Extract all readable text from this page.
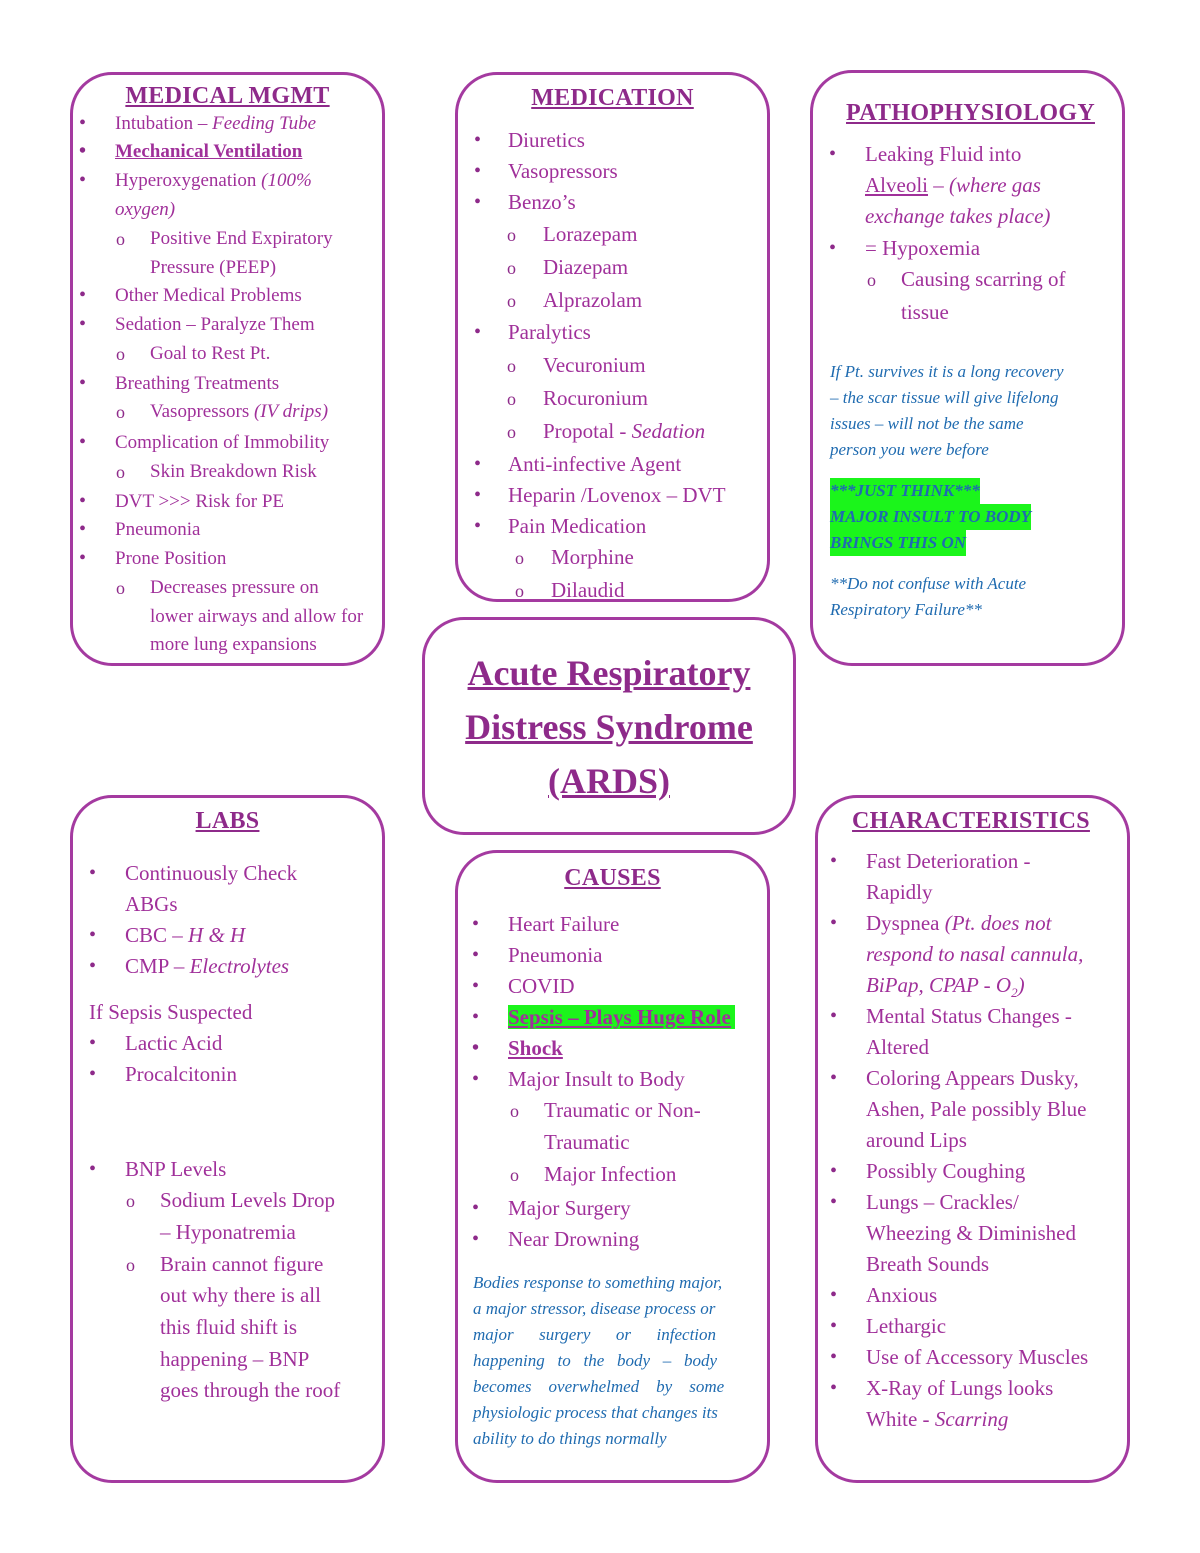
MEDICAL MGMT
• Intubation – Feeding Tube
• Mechanical Ventilation
• Hyperoxygenation (100%
oxygen)
o Positive End Expiratory
Pressure (PEEP)
• Other Medical Problems
• Sedation – Paralyze Them
o Goal to Rest Pt.
• Breathing Treatments
o Vasopressors (IV drips)
• Complication of Immobility
o Skin Breakdown Risk
• DVT >>> Risk for PE
• Pneumonia
• Prone Position
o Decreases pressure on
lower airways and allow for
more lung expansions
MEDICATION
• Diuretics
• Vasopressors
• Benzo’s
o Lorazepam
o Diazepam
o Alprazolam
• Paralytics
o Vecuronium
o Rocuronium
o Propotal - Sedation
• Anti-infective Agent
• Heparin /Lovenox – DVT
• Pain Medication
o Morphine
o Dilaudid
PATHOPHYSIOLOGY
• Leaking Fluid into
Alveoli – (where gas
exchange takes place)
• = Hypoxemia
o Causing scarring of
tissue
If Pt. survives it is a long recovery
– the scar tissue will give lifelong
issues – will not be the same
person you were before
***JUST THINK***
MAJOR INSULT TO BODY
BRINGS THIS ON
**Do not confuse with Acute
Respiratory Failure**
Acute Respiratory
Distress Syndrome
(ARDS)
LABS
• Continuously Check
ABGs
• CBC – H & H
• CMP – Electrolytes
If Sepsis Suspected
• Lactic Acid
• Procalcitonin
• BNP Levels
o Sodium Levels Drop
– Hyponatremia
o Brain cannot figure
out why there is all
this fluid shift is
happening – BNP
goes through the roof
CAUSES
• Heart Failure
• Pneumonia
• COVID
• Sepsis – Plays Huge Role
• Shock
• Major Insult to Body
o Traumatic or Non-
Traumatic
o Major Infection
• Major Surgery
• Near Drowning
Bodies response to something major,
a major stressor, disease process or
major      surgery      or      infection
happening   to   the   body   –   body
becomes    overwhelmed    by    some
physiologic process that changes its
ability to do things normally
CHARACTERISTICS
• Fast Deterioration -
Rapidly
• Dyspnea (Pt. does not
respond to nasal cannula,
BiPap, CPAP - $O_2$)
• Mental Status Changes -
Altered
• Coloring Appears Dusky,
Ashen, Pale possibly Blue
around Lips
• Possibly Coughing
• Lungs – Crackles/
Wheezing & Diminished
Breath Sounds
• Anxious
• Lethargic
• Use of Accessory Muscles
• X-Ray of Lungs looks
White - Scarring
